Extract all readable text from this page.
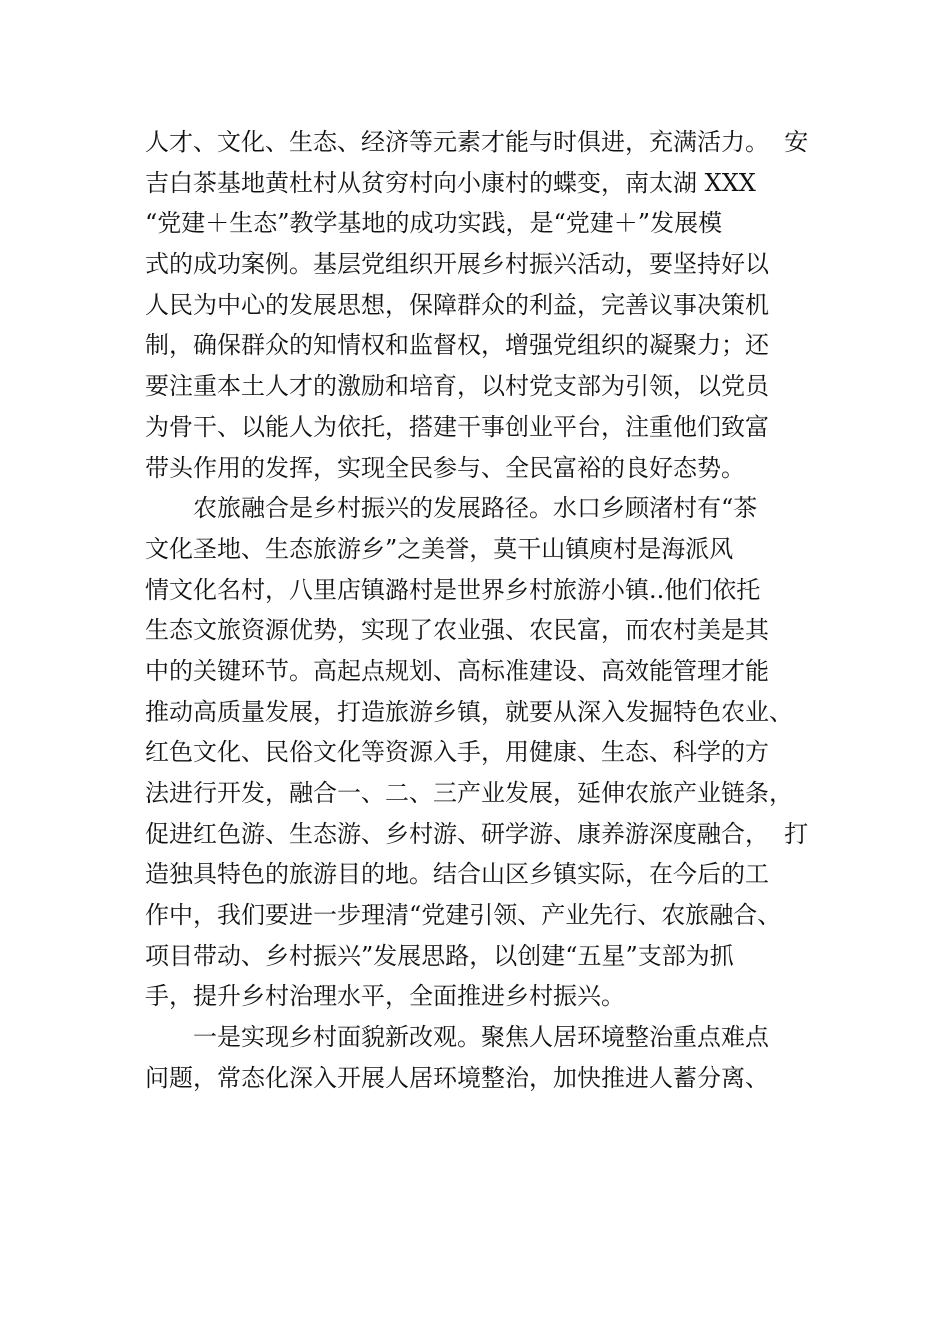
人才、文化、生态、经济等元素才能与时俱进，充满活力。  安
吉白茶基地黄杜村从贫穷村向小康村的蝶变，南太湖 XXX
“党建＋生态”教学基地的成功实践，是“党建＋”发展模
式的成功案例。基层党组织开展乡村振兴活动，要坚持好以
人民为中心的发展思想，保障群众的利益，完善议事决策机
制，确保群众的知情权和监督权，增强党组织的凝聚力；还
要注重本土人才的激励和培育，以村党支部为引领，以党员
为骨干、以能人为依托，搭建干事创业平台，注重他们致富
带头作用的发挥，实现全民参与、全民富裕的良好态势。
农旅融合是乡村振兴的发展路径。水口乡顾渚村有“茶
文化圣地、生态旅游乡”之美誉，莫干山镇庾村是海派风
情文化名村，八里店镇潞村是世界乡村旅游小镇..他们依托
生态文旅资源优势，实现了农业强、农民富，而农村美是其
中的关键环节。高起点规划、高标准建设、高效能管理才能
推动高质量发展，打造旅游乡镇，就要从深入发掘特色农业、
红色文化、民俗文化等资源入手，用健康、生态、科学的方
法进行开发，融合一、二、三产业发展，延伸农旅产业链条，
促进红色游、生态游、乡村游、研学游、康养游深度融合，  打
造独具特色的旅游目的地。结合山区乡镇实际，在今后的工
作中，我们要进一步理清“党建引领、产业先行、农旅融合、
项目带动、乡村振兴”发展思路，以创建“五星”支部为抓
手，提升乡村治理水平，全面推进乡村振兴。
一是实现乡村面貌新改观。聚焦人居环境整治重点难点
问题，常态化深入开展人居环境整治，加快推进人蓄分离、
